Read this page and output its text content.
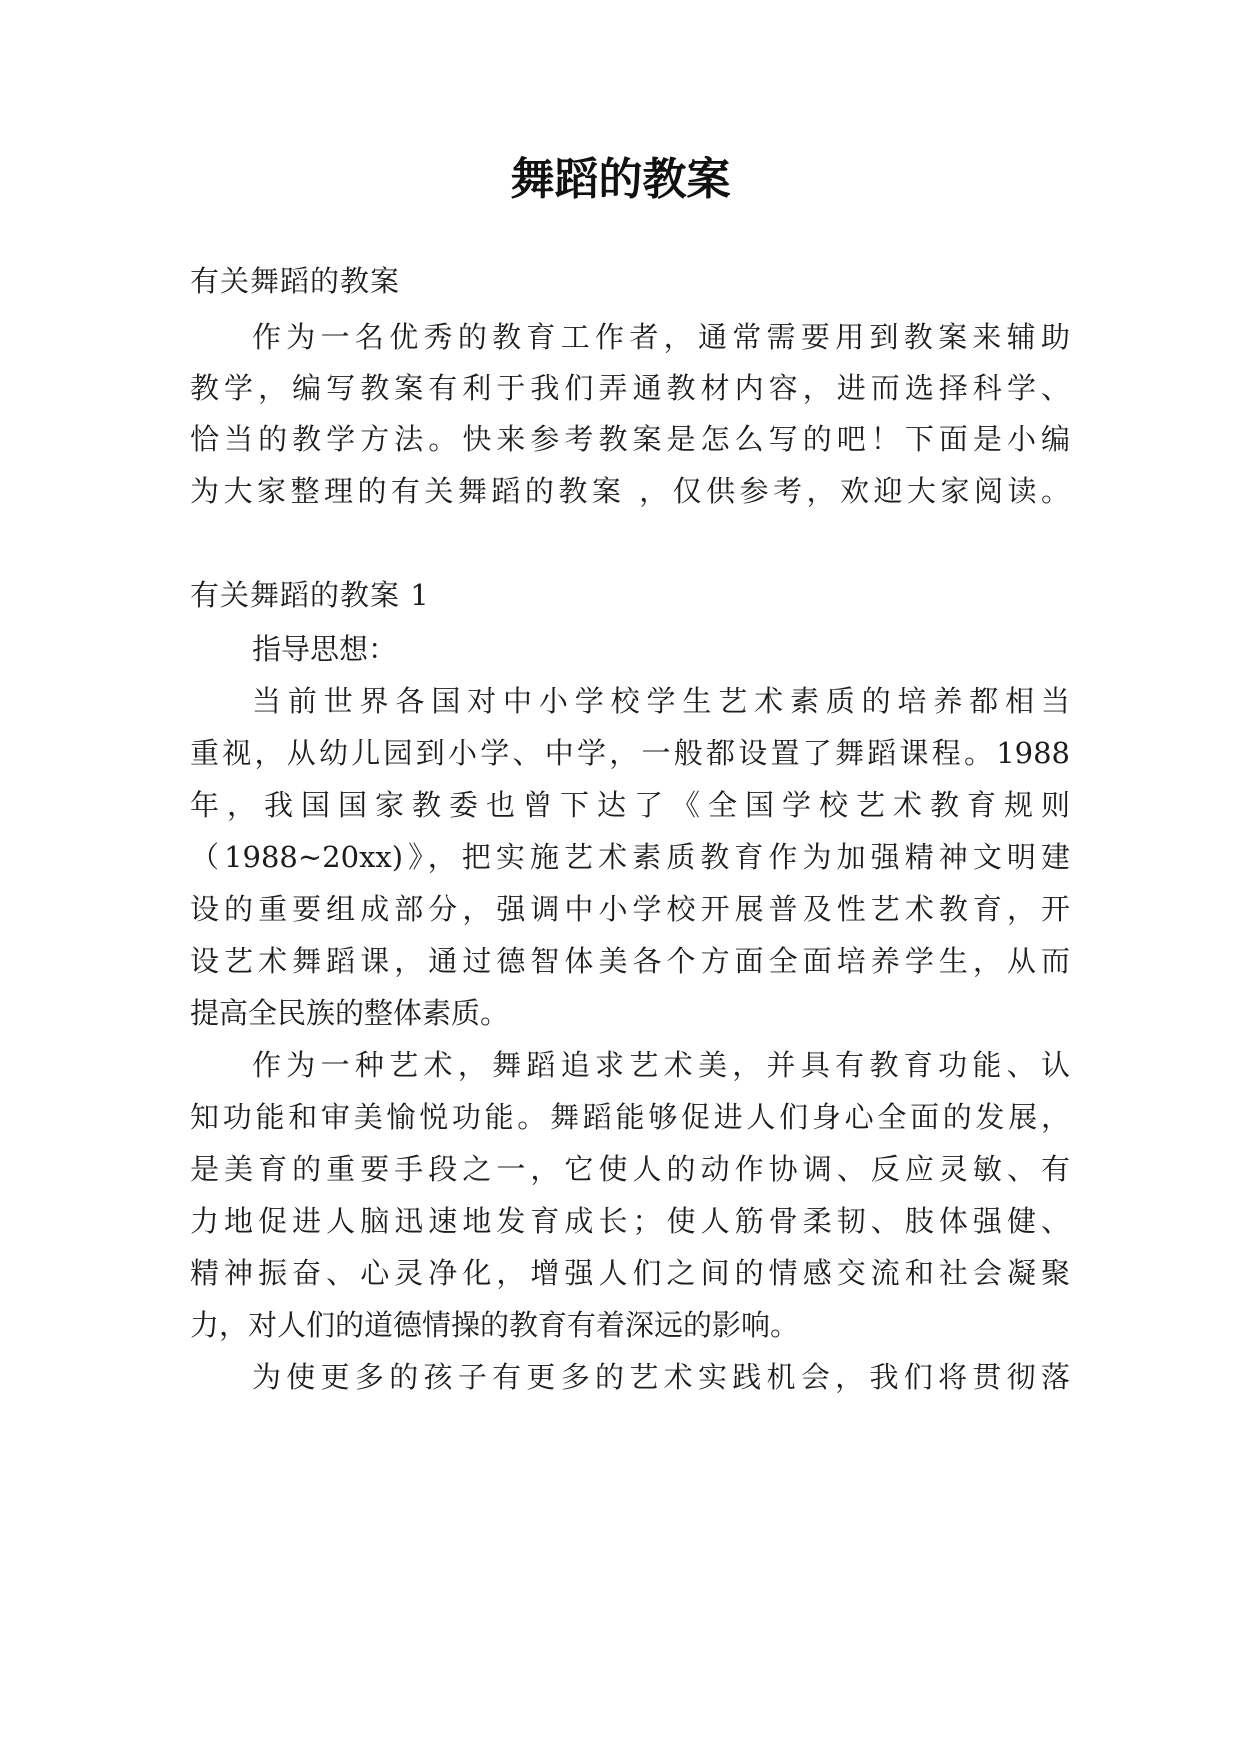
舞蹈的教案

有关舞蹈的教案

作为一名优秀的教育工作者，通常需要用到教案来辅助

教学，编写教案有利于我们弄通教材内容，进而选择科学、

恰当的教学方法。快来参考教案是怎么写的吧！下面是小编

为大家整理的有关舞蹈的教案 ，仅供参考，欢迎大家阅读。

有关舞蹈的教案 1

指导思想：

当前世界各国对中小学校学生艺术素质的培养都相当

重视，从幼儿园到小学、中学，一般都设置了舞蹈课程。1988

年，我国国家教委也曾下达了《全国学校艺术教育规则

（1988~20xx)》，把实施艺术素质教育作为加强精神文明建

设的重要组成部分，强调中小学校开展普及性艺术教育，开

设艺术舞蹈课，通过德智体美各个方面全面培养学生，从而

提高全民族的整体素质。

作为一种艺术，舞蹈追求艺术美，并具有教育功能、认

知功能和审美愉悦功能。舞蹈能够促进人们身心全面的发展，

是美育的重要手段之一，它使人的动作协调、反应灵敏、有

力地促进人脑迅速地发育成长；使人筋骨柔韧、肢体强健、

精神振奋、心灵净化，增强人们之间的情感交流和社会凝聚

力，对人们的道德情操的教育有着深远的影响。

为使更多的孩子有更多的艺术实践机会，我们将贯彻落
